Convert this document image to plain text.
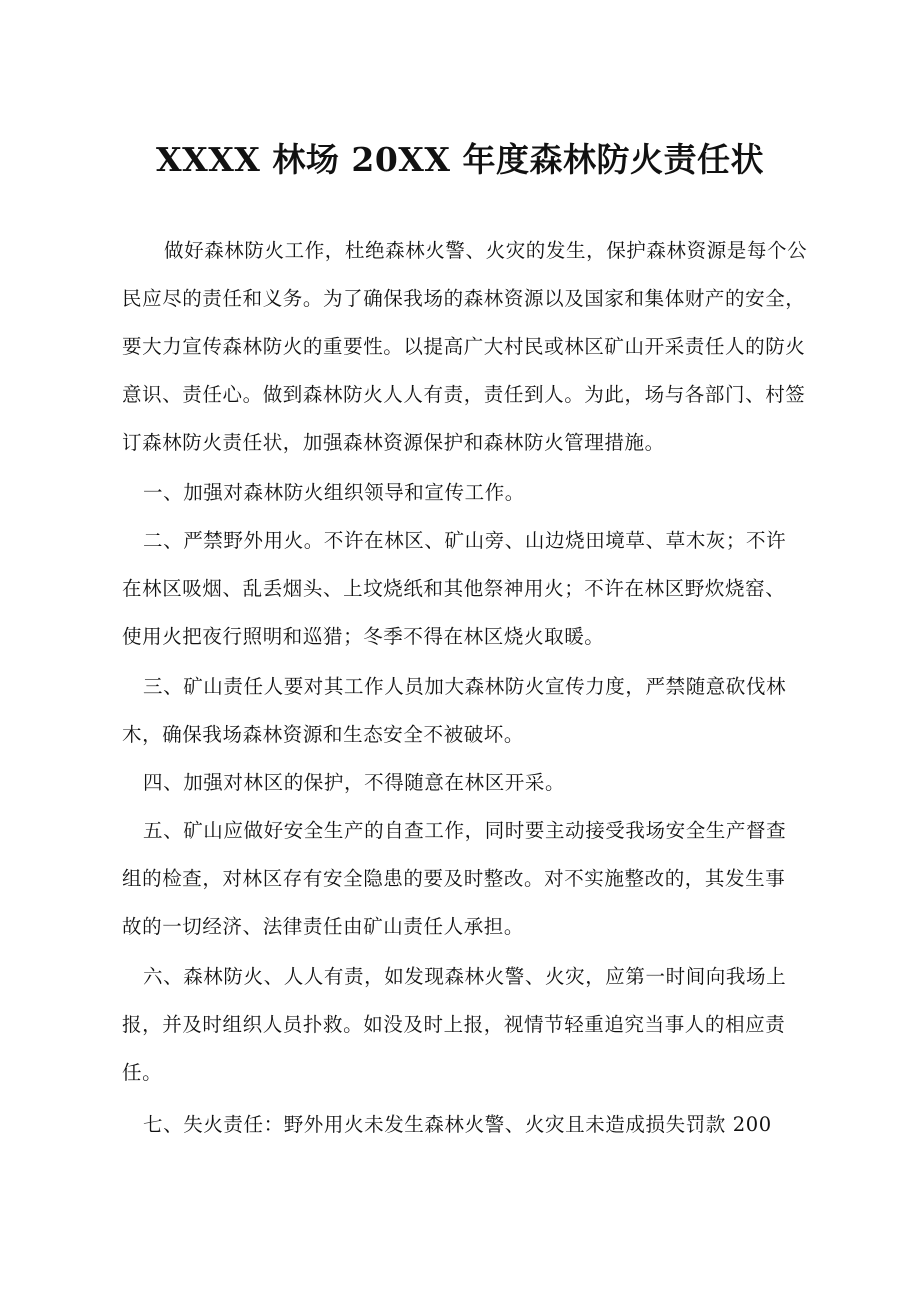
XXXX 林场 20XX 年度森林防火责任状
做好森林防火工作，杜绝森林火警、火灾的发生，保护森林资源是每个公
民应尽的责任和义务。为了确保我场的森林资源以及国家和集体财产的安全，
要大力宣传森林防火的重要性。以提高广大村民或林区矿山开采责任人的防火
意识、责任心。做到森林防火人人有责，责任到人。为此，场与各部门、村签
订森林防火责任状，加强森林资源保护和森林防火管理措施。
一、加强对森林防火组织领导和宣传工作。
二、严禁野外用火。不许在林区、矿山旁、山边烧田境草、草木灰；不许
在林区吸烟、乱丢烟头、上坟烧纸和其他祭神用火；不许在林区野炊烧窑、
使用火把夜行照明和巡猎；冬季不得在林区烧火取暖。
三、矿山责任人要对其工作人员加大森林防火宣传力度，严禁随意砍伐林
木，确保我场森林资源和生态安全不被破坏。
四、加强对林区的保护，不得随意在林区开采。
五、矿山应做好安全生产的自查工作，同时要主动接受我场安全生产督查
组的检查，对林区存有安全隐患的要及时整改。对不实施整改的，其发生事
故的一切经济、法律责任由矿山责任人承担。
六、森林防火、人人有责，如发现森林火警、火灾，应第一时间向我场上
报，并及时组织人员扑救。如没及时上报，视情节轻重追究当事人的相应责
任。
七、失火责任：野外用火未发生森林火警、火灾且未造成损失罚款 200
